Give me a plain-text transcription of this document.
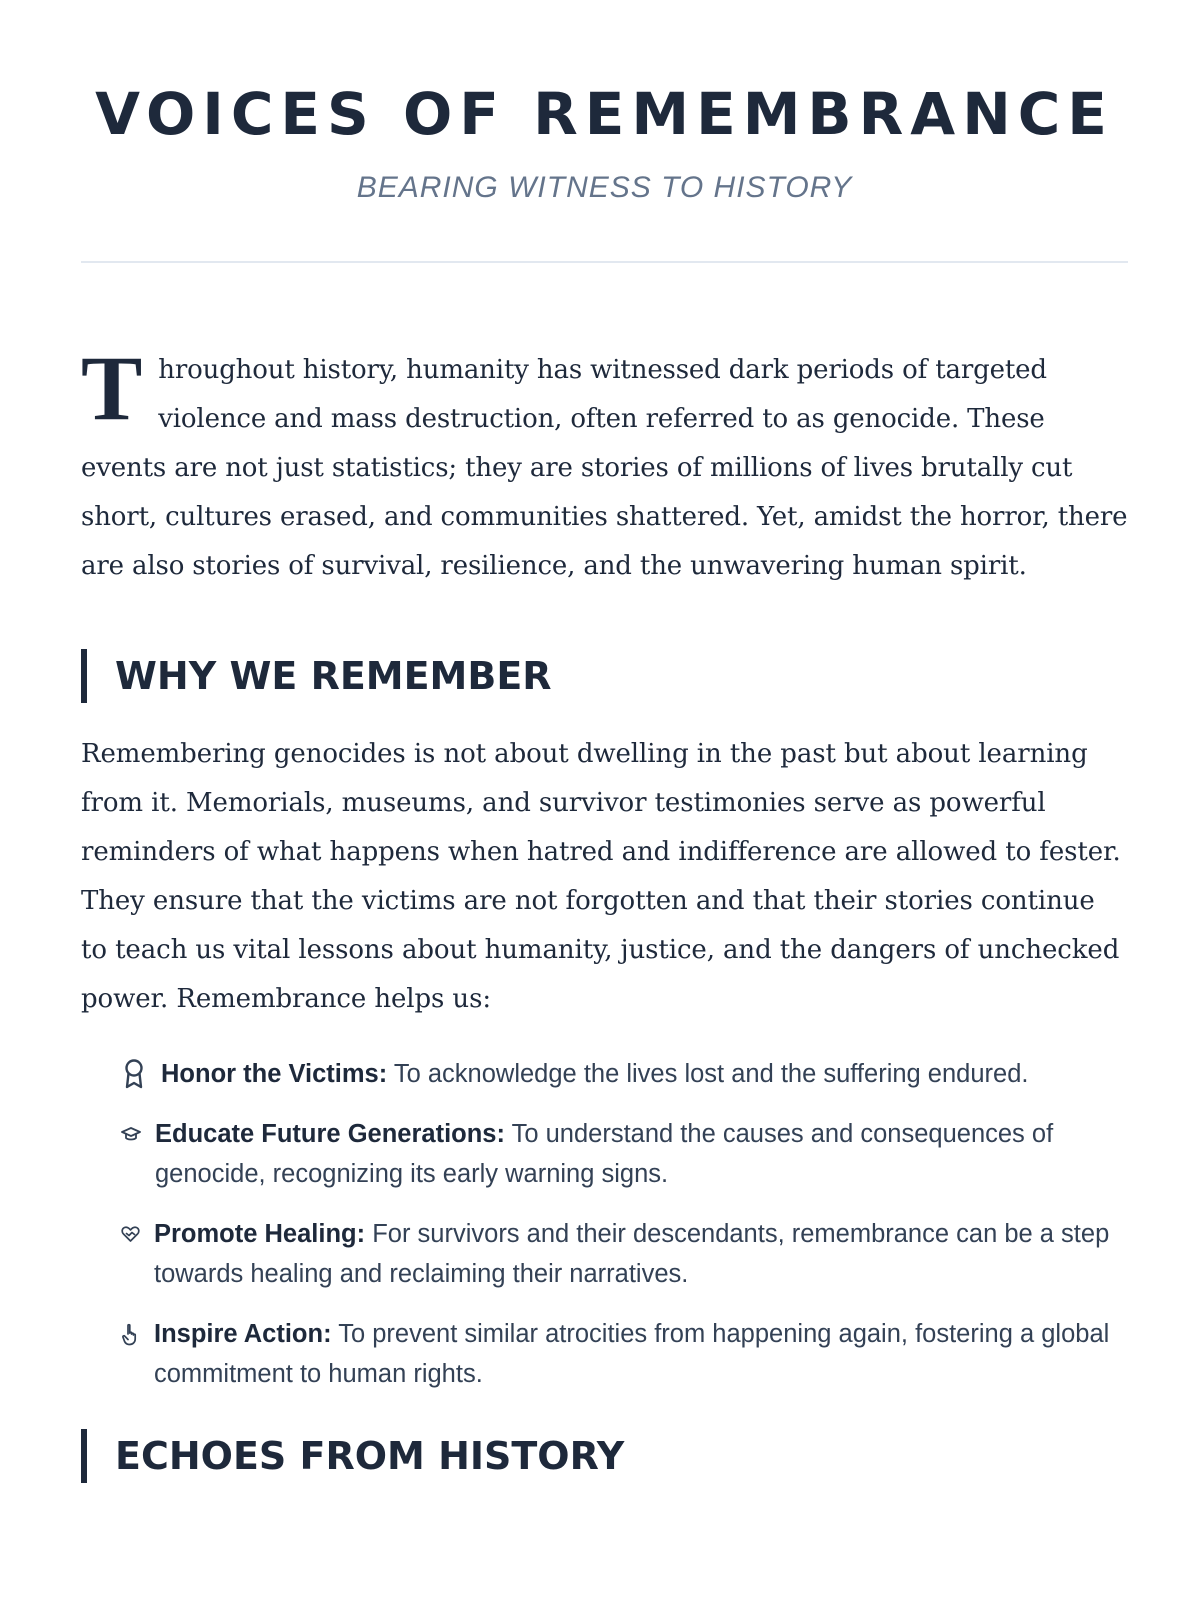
VOICES OF REMEMBRANCE
BEARING WITNESS TO HISTORY

Throughout history, humanity has witnessed dark periods of targeted violence and mass destruction, often referred to as genocide. These events are not just statistics; they are stories of millions of lives brutally cut short, cultures erased, and communities shattered. Yet, amidst the horror, there are also stories of survival, resilience, and the unwavering human spirit.

WHY WE REMEMBER

Remembering genocides is not about dwelling in the past but about learning from it. Memorials, museums, and survivor testimonies serve as powerful reminders of what happens when hatred and indifference are allowed to fester. They ensure that the victims are not forgotten and that their stories continue to teach us vital lessons about humanity, justice, and the dangers of unchecked power. Remembrance helps us:

Honor the Victims: To acknowledge the lives lost and the suffering endured.
Educate Future Generations: To understand the causes and consequences of genocide, recognizing its early warning signs.
Promote Healing: For survivors and their descendants, remembrance can be a step towards healing and reclaiming their narratives.
Inspire Action: To prevent similar atrocities from happening again, fostering a global commitment to human rights.
ECHOES FROM HISTORY
